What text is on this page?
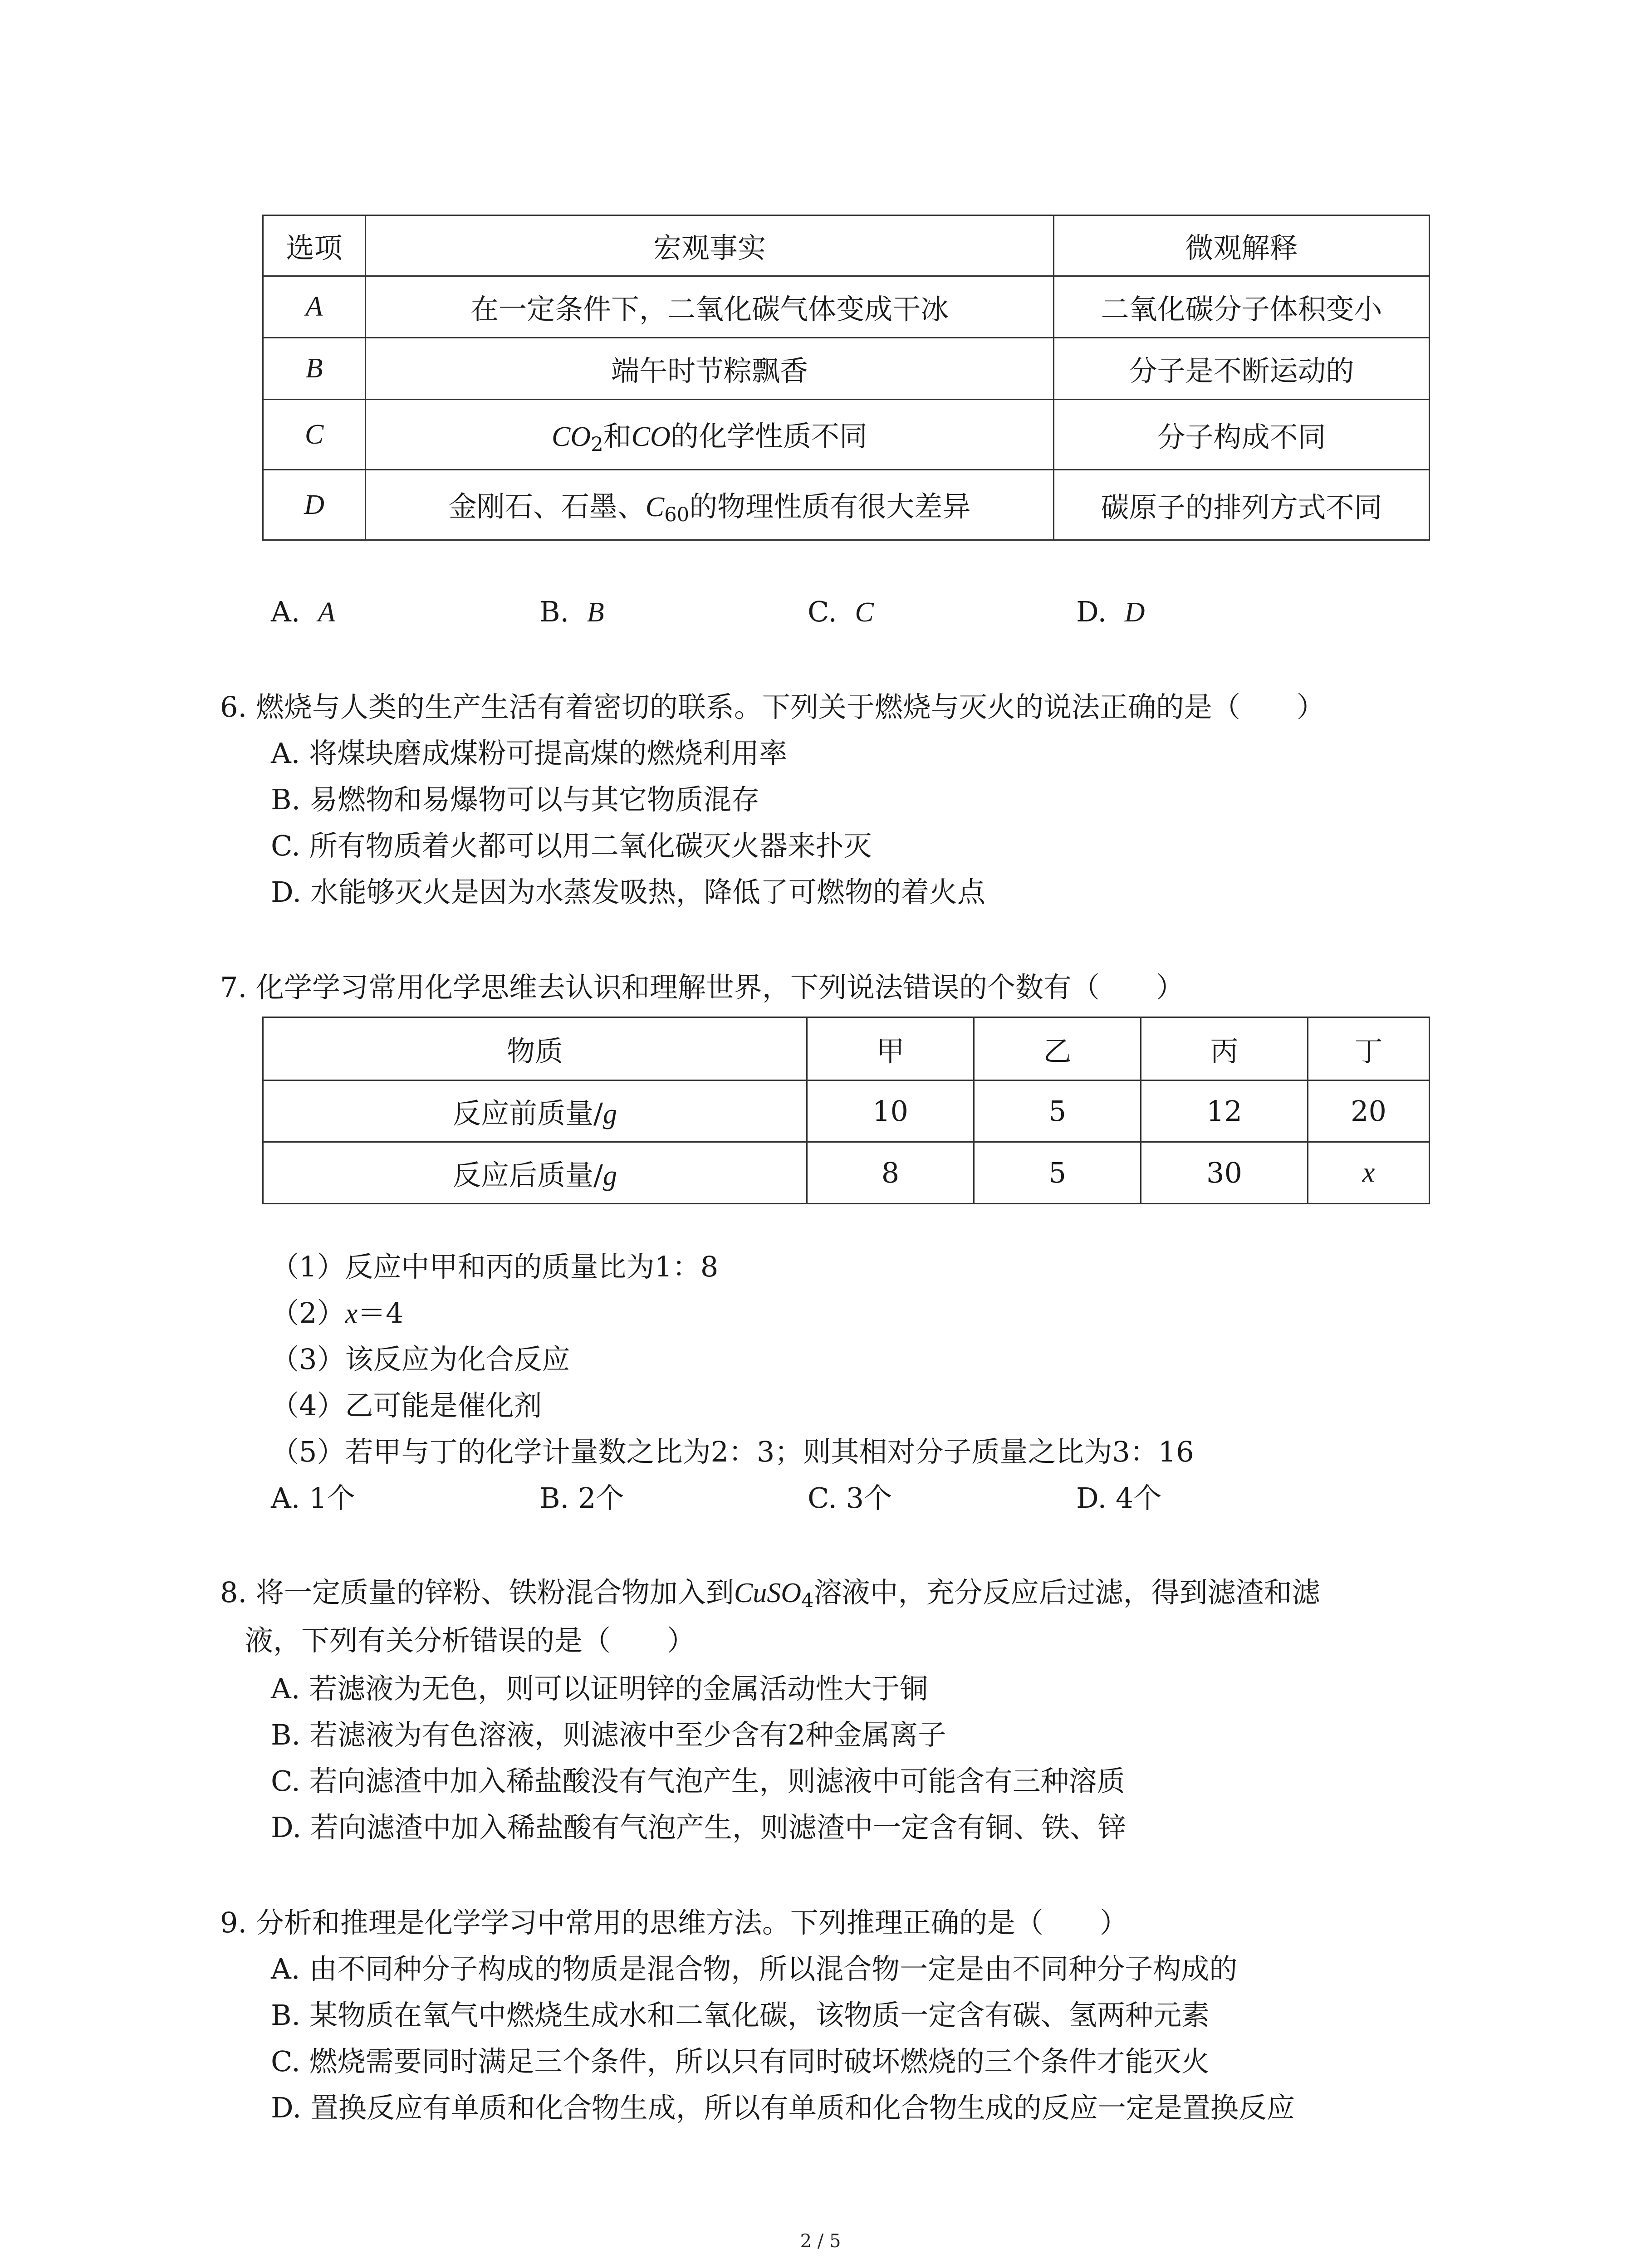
选项	宏观事实	微观解释
A	在一定条件下，二氧化碳气体变成干冰	二氧化碳分子体积变小
B	端午时节粽飘香	分子是不断运动的
C	$CO_2$和CO的化学性质不同	分子构成不同
D	金刚石、石墨、$C_{60}$的物理性质有很大差异	碳原子的排列方式不同
A. A	B. B	C. C	D. D
6. 燃烧与人类的生产生活有着密切的联系。下列关于燃烧与灭火的说法正确的是（　　）
A. 将煤块磨成煤粉可提高煤的燃烧利用率
B. 易燃物和易爆物可以与其它物质混存
C. 所有物质着火都可以用二氧化碳灭火器来扑灭
D. 水能够灭火是因为水蒸发吸热，降低了可燃物的着火点
7. 化学学习常用化学思维去认识和理解世界，下列说法错误的个数有（　　）
物质	甲	乙	丙	丁
反应前质量/g	10	5	12	20
反应后质量/g	8	5	30	x
（1）反应中甲和丙的质量比为1：8
（2）x＝4
（3）该反应为化合反应
（4）乙可能是催化剂
（5）若甲与丁的化学计量数之比为2：3；则其相对分子质量之比为3：16
A. 1个	B. 2个	C. 3个	D. 4个
8. 将一定质量的锌粉、铁粉混合物加入到CuSO$_4$溶液中，充分反应后过滤，得到滤渣和滤
液，下列有关分析错误的是（　　）
A. 若滤液为无色，则可以证明锌的金属活动性大于铜
B. 若滤液为有色溶液，则滤液中至少含有2种金属离子
C. 若向滤渣中加入稀盐酸没有气泡产生，则滤液中可能含有三种溶质
D. 若向滤渣中加入稀盐酸有气泡产生，则滤渣中一定含有铜、铁、锌
9. 分析和推理是化学学习中常用的思维方法。下列推理正确的是（　　）
A. 由不同种分子构成的物质是混合物，所以混合物一定是由不同种分子构成的
B. 某物质在氧气中燃烧生成水和二氧化碳，该物质一定含有碳、氢两种元素
C. 燃烧需要同时满足三个条件，所以只有同时破坏燃烧的三个条件才能灭火
D. 置换反应有单质和化合物生成，所以有单质和化合物生成的反应一定是置换反应
2 / 5
